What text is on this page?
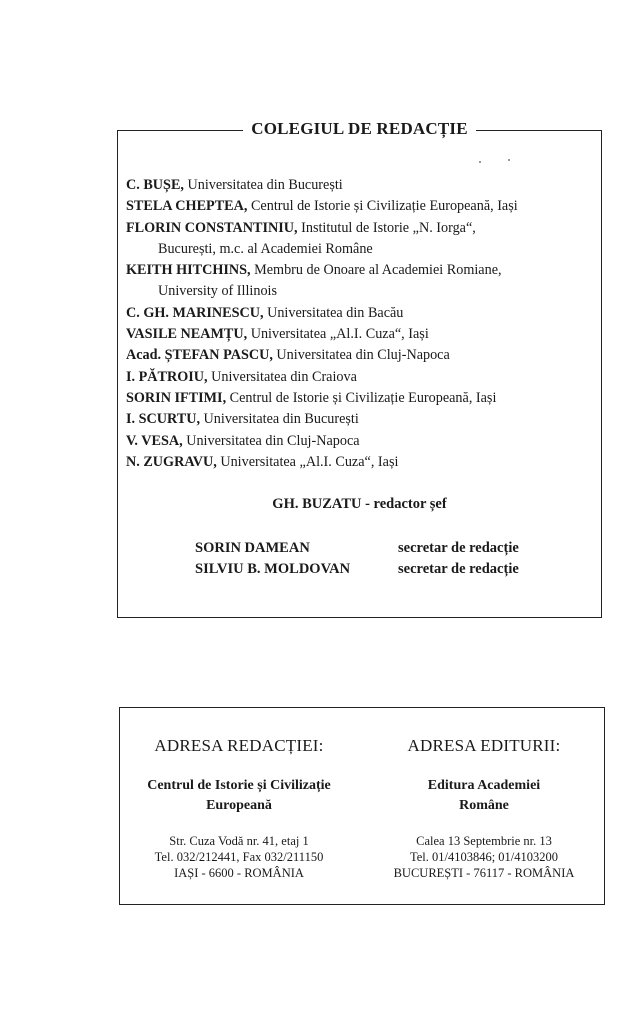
COLEGIUL DE REDACȚIE
C. BUȘE, Universitatea din București
STELA CHEPTEA, Centrul de Istorie și Civilizație Europeană, Iași
FLORIN CONSTANTINIU, Institutul de Istorie „N. Iorga“,
București, m.c. al Academiei Române
KEITH HITCHINS, Membru de Onoare al Academiei Romiane,
University of Illinois
C. GH. MARINESCU, Universitatea din Bacău
VASILE NEAMȚU, Universitatea „Al.I. Cuza“, Iași
Acad. ȘTEFAN PASCU, Universitatea din Cluj-Napoca
I. PĂTROIU, Universitatea din Craiova
SORIN IFTIMI, Centrul de Istorie și Civilizație Europeană, Iași
I. SCURTU, Universitatea din București
V. VESA, Universitatea din Cluj-Napoca
N. ZUGRAVU, Universitatea „Al.I. Cuza“, Iași
GH. BUZATU - redactor șef
SORIN DAMEAN	secretar de redacție
SILVIU B. MOLDOVAN	secretar de redacție
ADRESA REDACȚIEI:
Centrul de Istorie și Civilizație
Europeană
Str. Cuza Vodă nr. 41, etaj 1
Tel. 032/212441, Fax 032/211150
IAȘI - 6600 - ROMÂNIA
ADRESA EDITURII:
Editura Academiei
Române
Calea 13 Septembrie nr. 13
Tel. 01/4103846; 01/4103200
BUCUREȘTI - 76117 - ROMÂNIA
